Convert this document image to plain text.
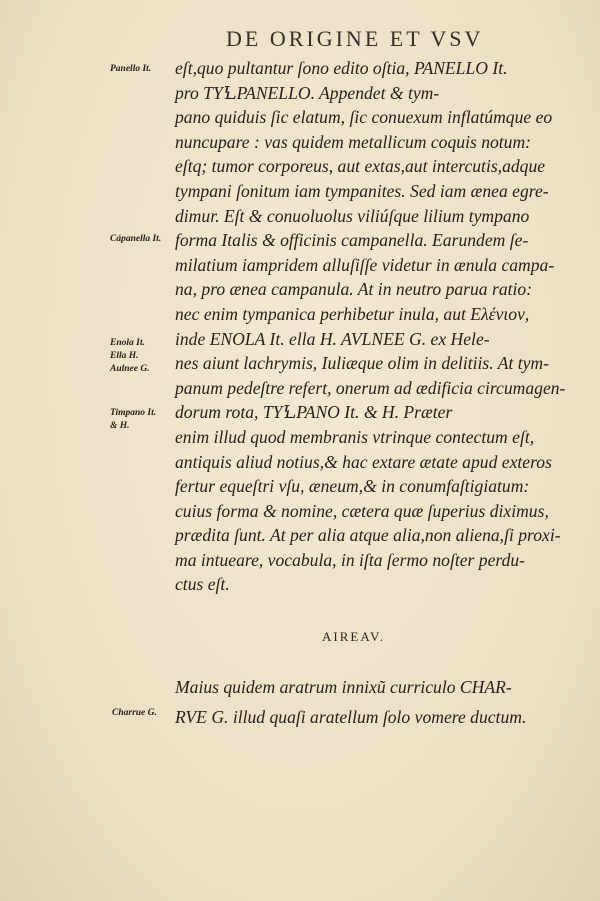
DE ORIGINE ET VSV
eſt,quo pultantur ſono edito oſtia, PANELLO It.
pro TYꝆPANELLO. Appendet & tym-
pano quiduis ſic elatum, ſic conuexum inflatúmque eo
nuncupare : vas quidem metallicum coquis notum:
eſtq; tumor corporeus, aut extas,aut intercutis,adque
tympani ſonitum iam tympanites. Sed iam ænea egre-
dimur. Eſt & conuoluolus viliúſque lilium tympano
forma Italis & officinis campanella. Earundem ſe-
milatium iampridem alluſiſſe videtur in ænula campa-
na, pro ænea campanula. At in neutro parua ratio:
nec enim tympanica perhibetur inula, aut Ελένιον,
inde ENOLA It. ella H. AVLNEE G. ex Hele-
nes aiunt lachrymis, Iuliæque olim in delitiis. At tym-
panum pedeſtre refert, onerum ad ædificia circumagen-
dorum rota, TYꝆPANO It. & H. Præter
enim illud quod membranis vtrinque contectum eſt,
antiquis aliud notius,& hac extare ætate apud exteros
fertur equeſtri vſu, æneum,& in conumfaſtigiatum:
cuius forma & nomine, cætera quæ ſuperius diximus,
prædita ſunt. At per alia atque alia,non aliena,ſi proxi-
ma intueare, vocabula, in iſta ſermo noſter perdu-
ctus eſt.
Panello It.
Cápanella It.
Enola It.
Ella H.
Aulnee G.
Timpano It.
& H.
AIREAV.
Maius quidem aratrum innixũ curriculo CHAR-
RVE G. illud quaſi aratellum ſolo vomere ductum.
Charrue G.
